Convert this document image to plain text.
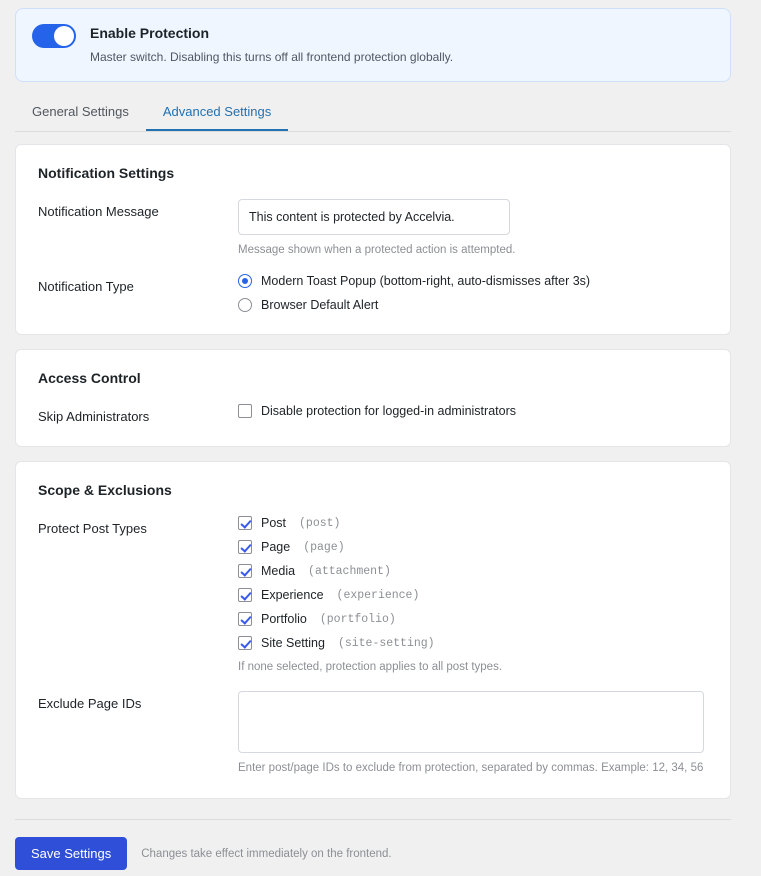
Enable Protection
Master switch. Disabling this turns off all frontend protection globally.
General Settings	Advanced Settings
Notification Settings
Notification Message
This content is protected by Accelvia.
Message shown when a protected action is attempted.
Notification Type	Modern Toast Popup (bottom-right, auto-dismisses after 3s)
Browser Default Alert
Access Control
Skip Administrators	Disable protection for logged-in administrators
Scope & Exclusions
Protect Post Types	Post (post)
Page (page)
Media (attachment)
Experience (experience)
Portfolio (portfolio)
Site Setting (site-setting)
If none selected, protection applies to all post types.
Exclude Page IDs
Enter post/page IDs to exclude from protection, separated by commas. Example: 12, 34, 56
Save Settings	Changes take effect immediately on the frontend.
